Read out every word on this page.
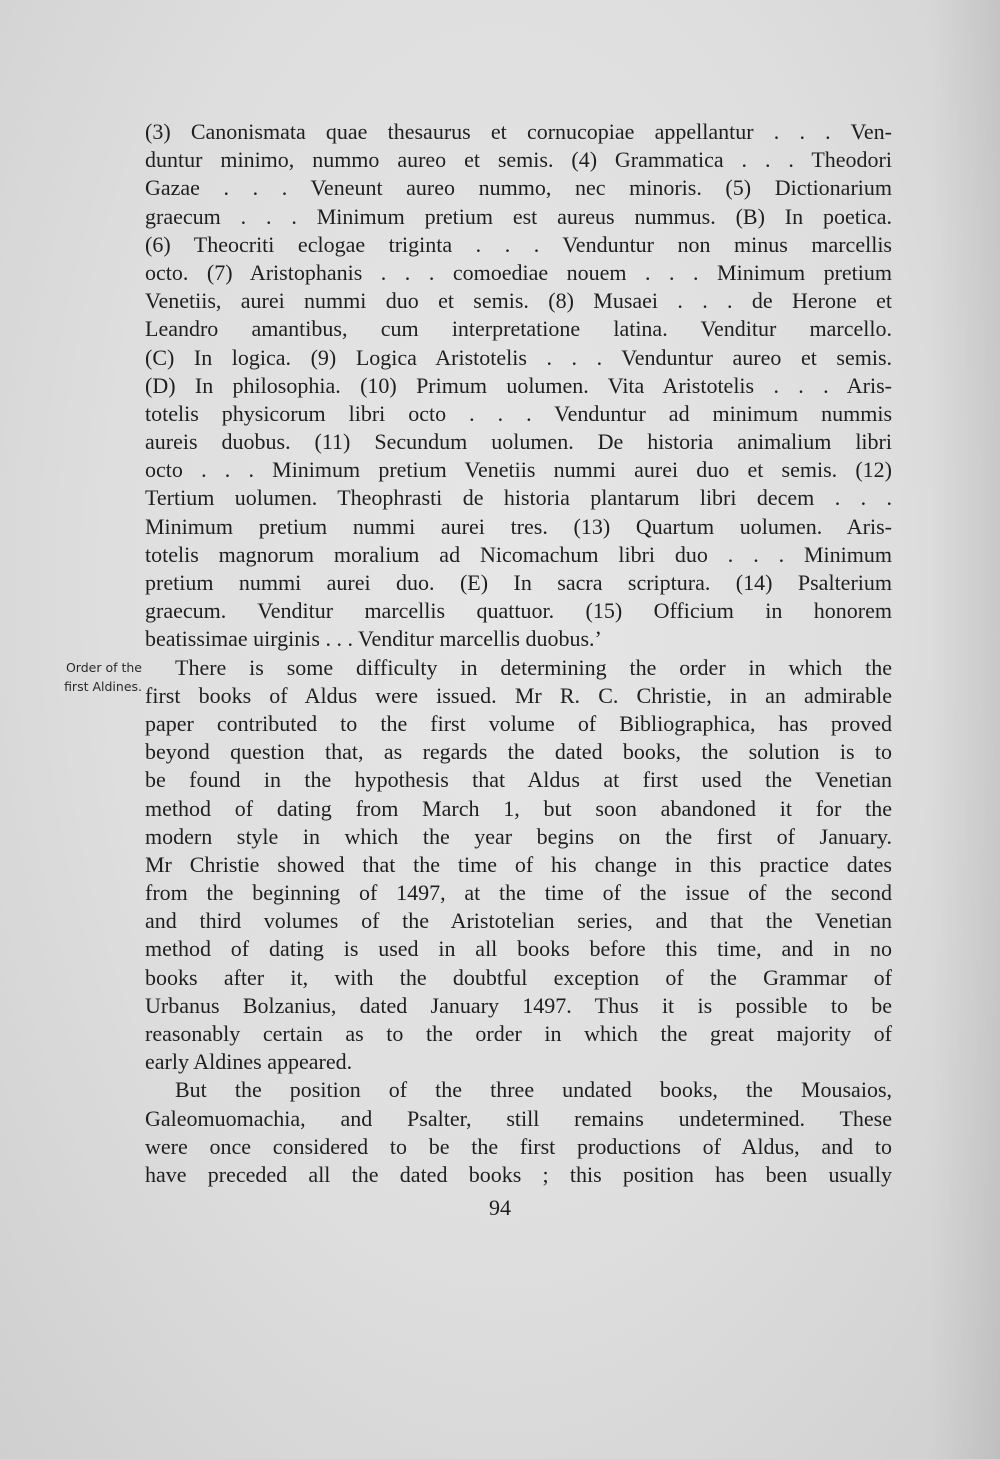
Order of the
first Aldines.
(3) Canonismata quae thesaurus et cornucopiae appellantur . . . Ven-
duntur minimo, nummo aureo et semis. (4) Grammatica . . . Theodori
Gazae . . . Veneunt aureo nummo, nec minoris. (5) Dictionarium
graecum . . . Minimum pretium est aureus nummus. (B) In poetica.
(6) Theocriti eclogae triginta . . . Venduntur non minus marcellis
octo. (7) Aristophanis . . . comoediae nouem . . . Minimum pretium
Venetiis, aurei nummi duo et semis. (8) Musaei . . . de Herone et
Leandro amantibus, cum interpretatione latina. Venditur marcello.
(C) In logica. (9) Logica Aristotelis . . . Venduntur aureo et semis.
(D) In philosophia. (10) Primum uolumen. Vita Aristotelis . . . Aris-
totelis physicorum libri octo . . . Venduntur ad minimum nummis
aureis duobus. (11) Secundum uolumen. De historia animalium libri
octo . . . Minimum pretium Venetiis nummi aurei duo et semis. (12)
Tertium uolumen. Theophrasti de historia plantarum libri decem . . .
Minimum pretium nummi aurei tres. (13) Quartum uolumen. Aris-
totelis magnorum moralium ad Nicomachum libri duo . . . Minimum
pretium nummi aurei duo. (E) In sacra scriptura. (14) Psalterium
graecum. Venditur marcellis quattuor. (15) Officium in honorem
beatissimae uirginis . . . Venditur marcellis duobus.’
There is some difficulty in determining the order in which the
first books of Aldus were issued. Mr R. C. Christie, in an admirable
paper contributed to the first volume of Bibliographica, has proved
beyond question that, as regards the dated books, the solution is to
be found in the hypothesis that Aldus at first used the Venetian
method of dating from March 1, but soon abandoned it for the
modern style in which the year begins on the first of January.
Mr Christie showed that the time of his change in this practice dates
from the beginning of 1497, at the time of the issue of the second
and third volumes of the Aristotelian series, and that the Venetian
method of dating is used in all books before this time, and in no
books after it, with the doubtful exception of the Grammar of
Urbanus Bolzanius, dated January 1497. Thus it is possible to be
reasonably certain as to the order in which the great majority of
early Aldines appeared.
But the position of the three undated books, the Mousaios,
Galeomuomachia, and Psalter, still remains undetermined. These
were once considered to be the first productions of Aldus, and to
have preceded all the dated books ; this position has been usually
94
